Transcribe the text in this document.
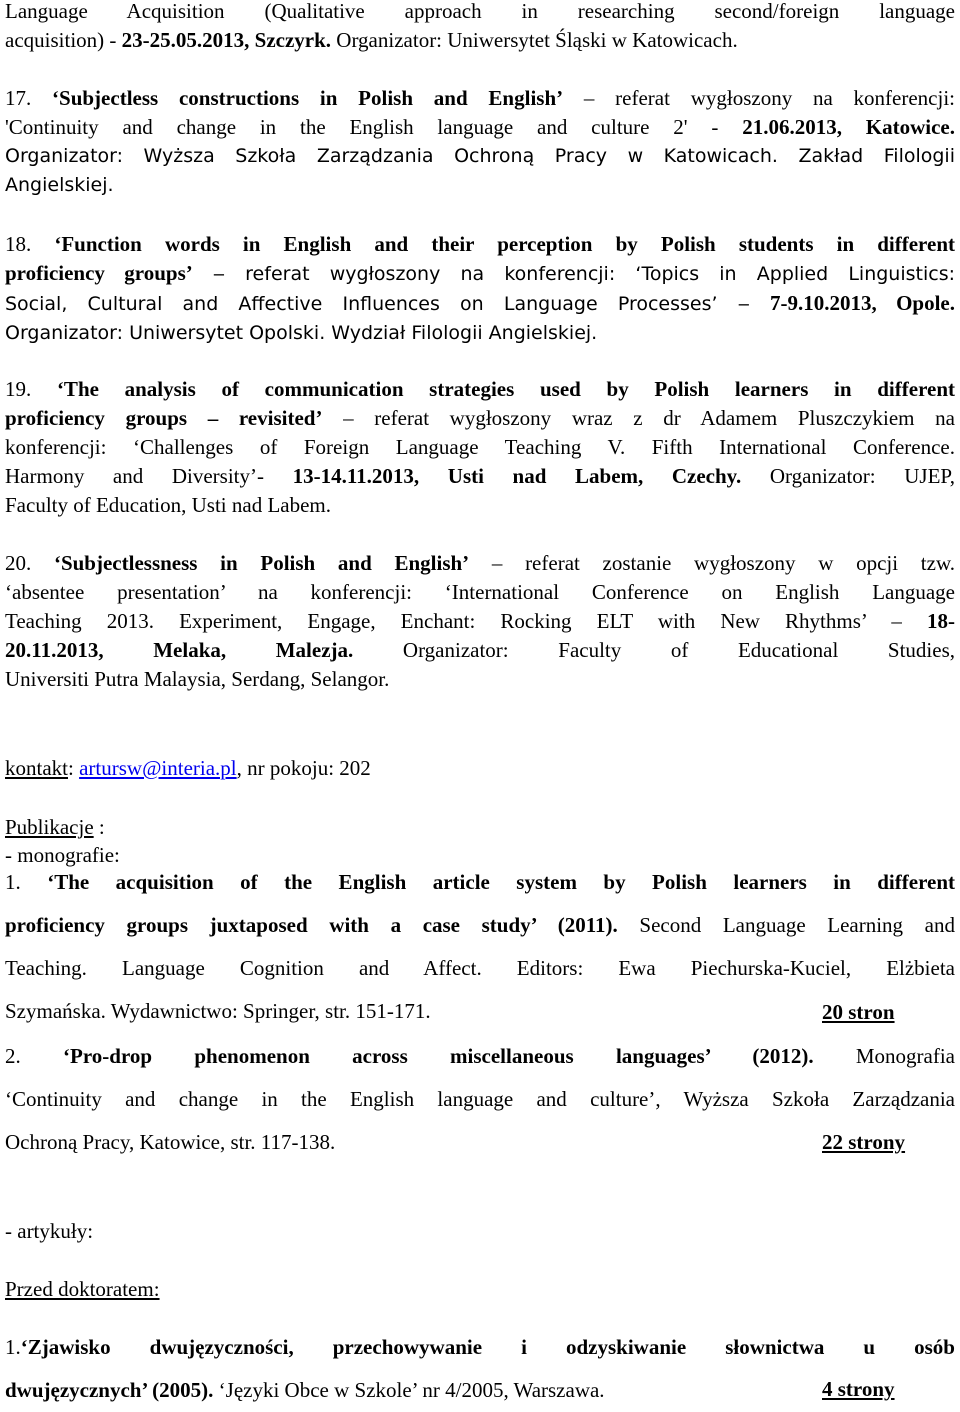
Language Acquisition (Qualitative approach in researching second/foreign language
acquisition) - 23-25.05.2013, Szczyrk. Organizator: Uniwersytet Śląski w Katowicach.
17. ‘Subjectless constructions in Polish and English’ ‒ referat wygłoszony na konferencji:
'Continuity and change in the English language and culture 2' - 21.06.2013, Katowice.
Organizator: Wyższa Szkoła Zarządzania Ochroną Pracy w Katowicach. Zakład Filologii
Angielskiej.
18. ‘Function words in English and their perception by Polish students in different
proficiency groups’ ‒ referat wygłoszony na konferencji: ‘Topics in Applied Linguistics:
Social, Cultural and Affective Influences on Language Processes’ ‒ 7-9.10.2013, Opole.
Organizator: Uniwersytet Opolski. Wydział Filologii Angielskiej.
19. ‘The analysis of communication strategies used by Polish learners in different
proficiency groups ‒ revisited’ ‒ referat wygłoszony wraz z dr Adamem Pluszczykiem na
konferencji: ‘Challenges of Foreign Language Teaching V. Fifth International Conference.
Harmony and Diversity’- 13-14.11.2013, Usti nad Labem, Czechy. Organizator: UJEP,
Faculty of Education, Usti nad Labem.
20. ‘Subjectlessness in Polish and English’ ‒ referat zostanie wygłoszony w opcji tzw.
‘absentee presentation’ na konferencji: ‘International Conference on English Language
Teaching 2013. Experiment, Engage, Enchant: Rocking ELT with New Rhythms’ ‒ 18-
20.11.2013, Melaka, Malezja. Organizator: Faculty of Educational Studies,
Universiti Putra Malaysia, Serdang, Selangor.
kontakt: artursw@interia.pl, nr pokoju: 202
Publikacje :
- monografie:
1. ‘The acquisition of the English article system by Polish learners in different
proficiency groups juxtaposed with a case study’ (2011). Second Language Learning and
Teaching. Language Cognition and Affect. Editors: Ewa Piechurska-Kuciel, Elżbieta
Szymańska. Wydawnictwo: Springer, str. 151-171.	20 stron
2. ‘Pro-drop phenomenon across miscellaneous languages’ (2012). Monografia
‘Continuity and change in the English language and culture’, Wyższa Szkoła Zarządzania
Ochroną Pracy, Katowice, str. 117-138.	22 strony
- artykuły:
Przed doktoratem:
1.‘Zjawisko dwujęzyczności, przechowywanie i odzyskiwanie słownictwa u osób
dwujęzycznych’ (2005). ‘Języki Obce w Szkole’ nr 4/2005, Warszawa.	4 strony
